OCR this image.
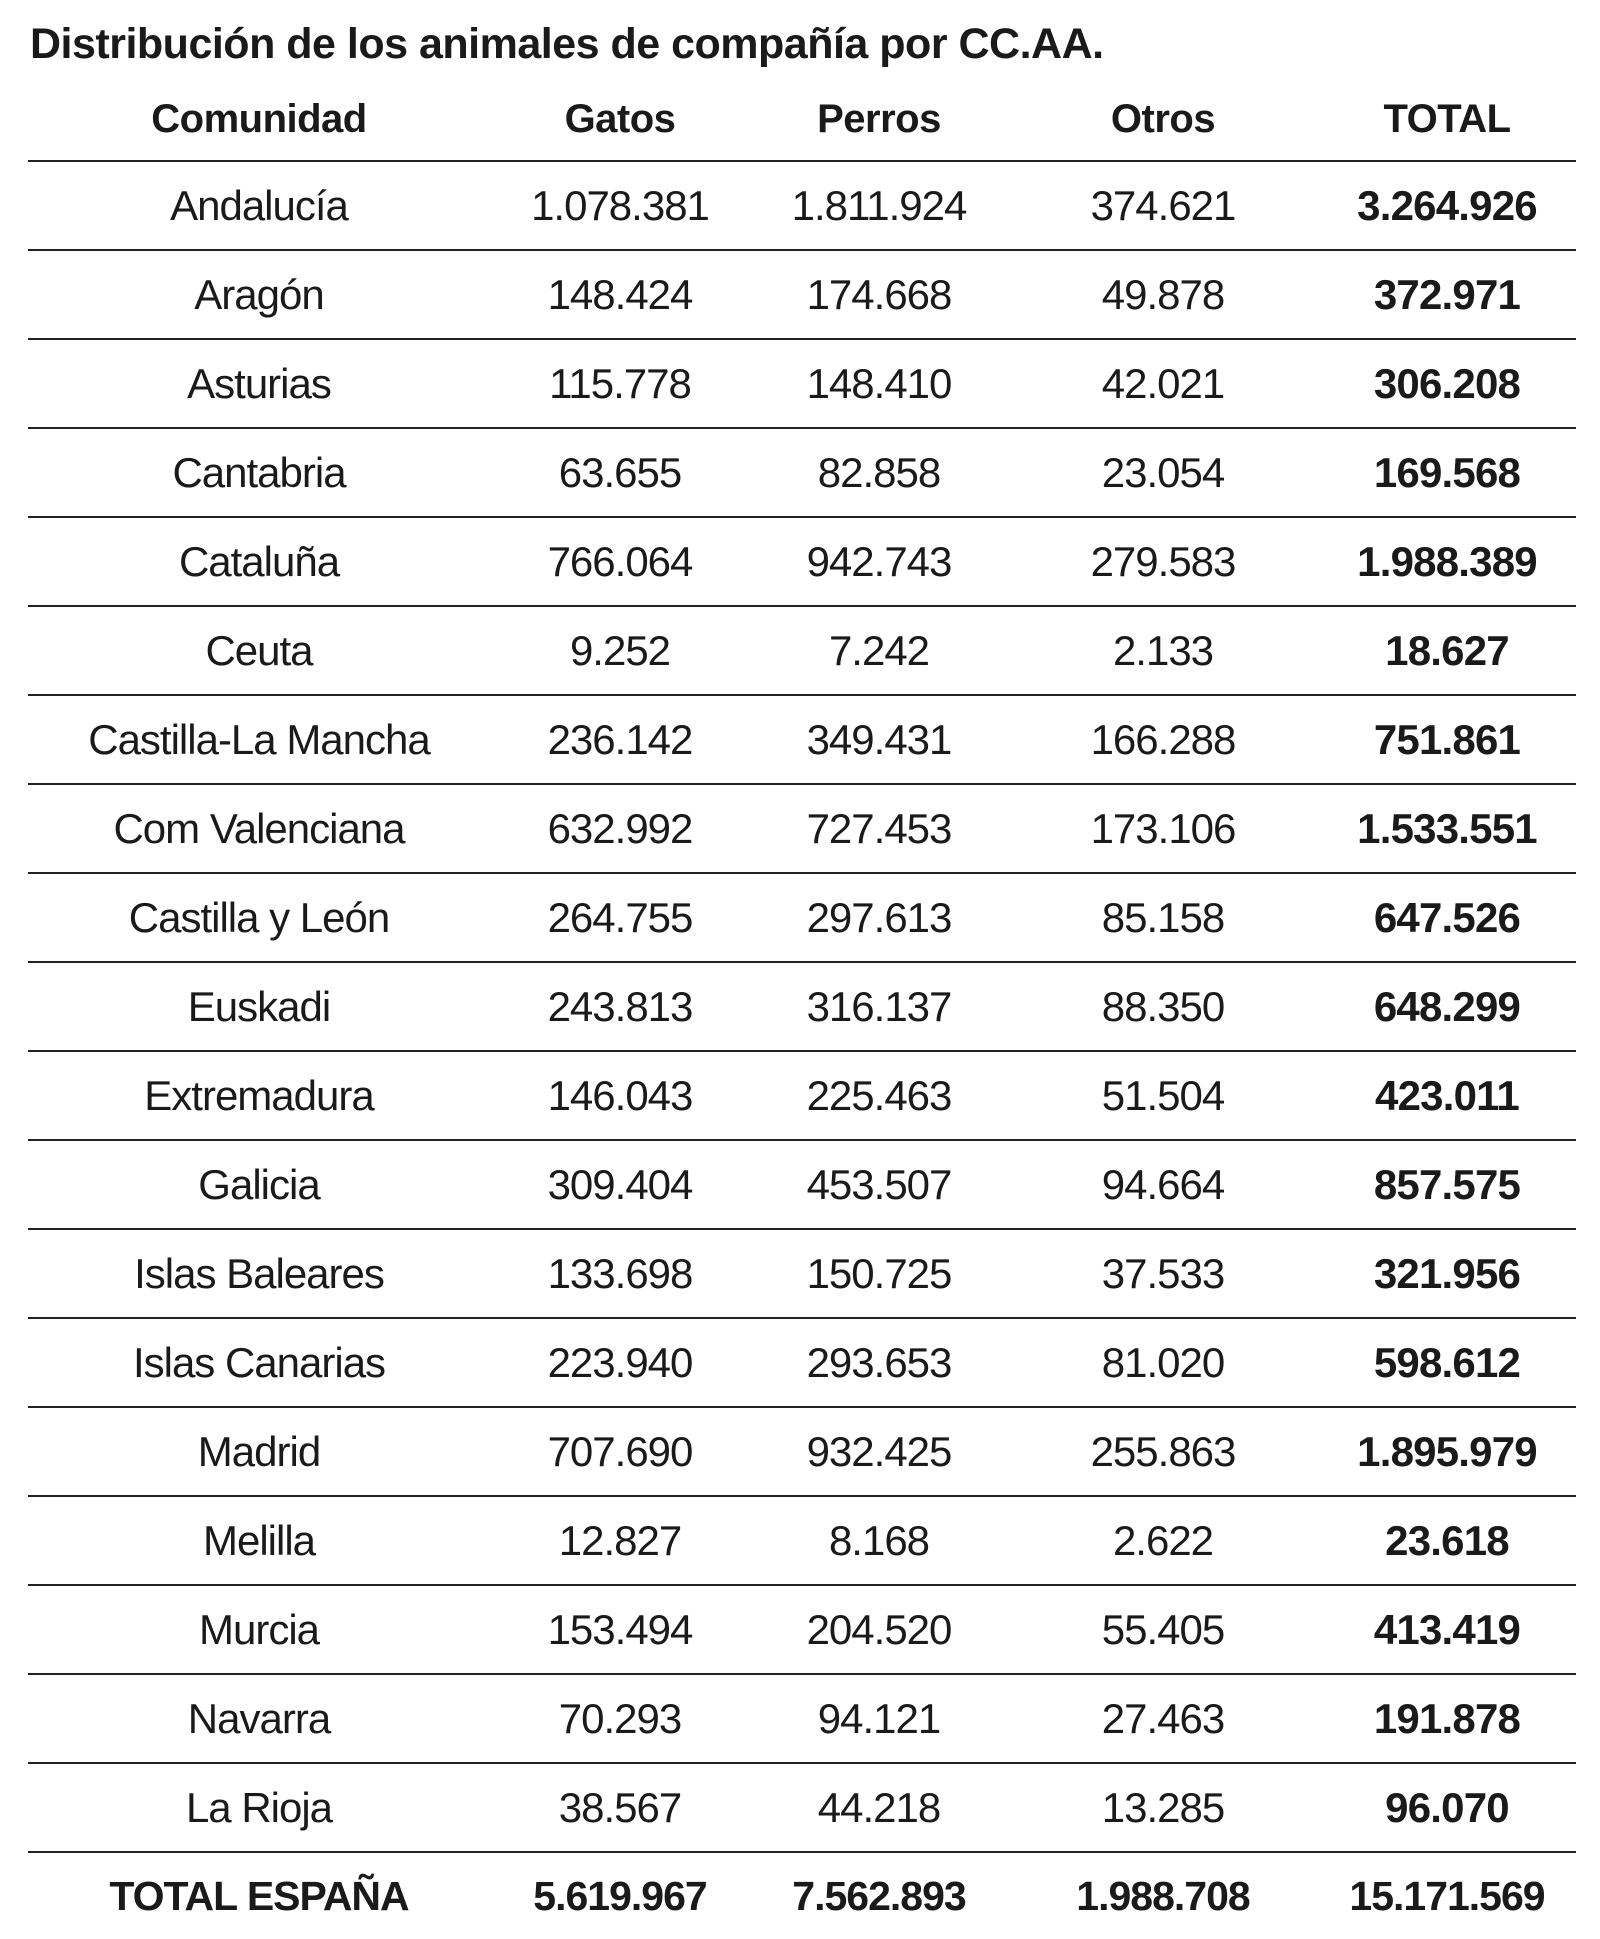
Distribución de los animales de compañía por CC.AA.
Comunidad	Gatos	Perros	Otros	TOTAL
Andalucía	1.078.381	1.811.924	374.621	3.264.926
Aragón	148.424	174.668	49.878	372.971
Asturias	115.778	148.410	42.021	306.208
Cantabria	63.655	82.858	23.054	169.568
Cataluña	766.064	942.743	279.583	1.988.389
Ceuta	9.252	7.242	2.133	18.627
Castilla-La Mancha	236.142	349.431	166.288	751.861
Com Valenciana	632.992	727.453	173.106	1.533.551
Castilla y León	264.755	297.613	85.158	647.526
Euskadi	243.813	316.137	88.350	648.299
Extremadura	146.043	225.463	51.504	423.011
Galicia	309.404	453.507	94.664	857.575
Islas Baleares	133.698	150.725	37.533	321.956
Islas Canarias	223.940	293.653	81.020	598.612
Madrid	707.690	932.425	255.863	1.895.979
Melilla	12.827	8.168	2.622	23.618
Murcia	153.494	204.520	55.405	413.419
Navarra	70.293	94.121	27.463	191.878
La Rioja	38.567	44.218	13.285	96.070
TOTAL ESPAÑA	5.619.967	7.562.893	1.988.708	15.171.569
